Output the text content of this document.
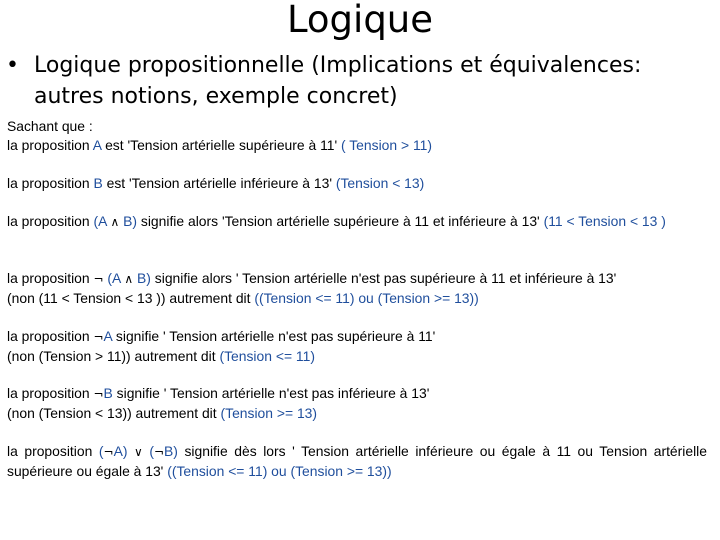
Logique
• Logique propositionnelle (Implications et équivalences: autres notions, exemple concret)
Sachant que :
la proposition A est 'Tension artérielle supérieure à 11' ( Tension > 11)
la proposition B est 'Tension artérielle inférieure à 13' (Tension < 13)
la proposition (A ∧ B) signifie alors 'Tension artérielle supérieure à 11 et inférieure à 13' (11 < Tension < 13 )
la proposition ¬ (A ∧ B) signifie alors ' Tension artérielle n'est pas supérieure à 11 et inférieure à 13'
(non (11 < Tension < 13 )) autrement dit ((Tension <= 11) ou (Tension >= 13))
la proposition ¬A signifie ' Tension artérielle n'est pas supérieure à 11'
(non (Tension > 11)) autrement dit (Tension <= 11)
la proposition ¬B signifie ' Tension artérielle n'est pas inférieure à 13'
(non (Tension < 13)) autrement dit (Tension >= 13)
la proposition (¬A) ∨ (¬B) signifie dès lors ' Tension artérielle inférieure ou égale à 11 ou Tension artérielle supérieure ou égale à 13' ((Tension <= 11) ou (Tension >= 13))
